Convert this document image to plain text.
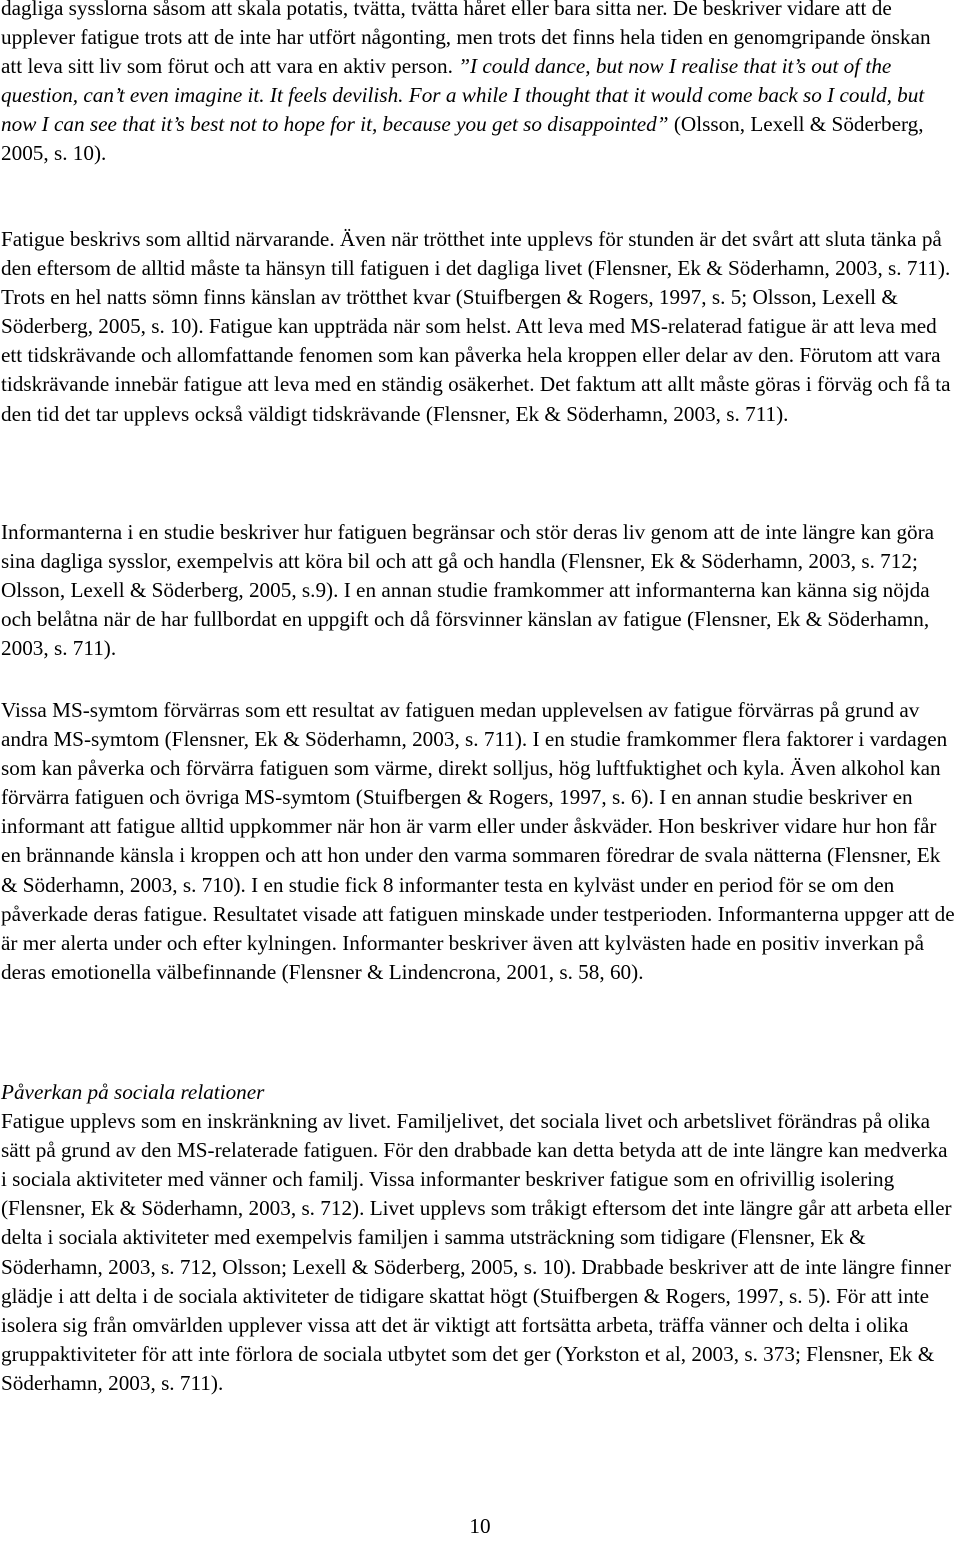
dagliga sysslorna såsom att skala potatis, tvätta, tvätta håret eller bara sitta ner. De beskriver vidare att de upplever fatigue trots att de inte har utfört någonting, men trots det finns hela tiden en genomgripande önskan att leva sitt liv som förut och att vara en aktiv person. ”I could dance, but now I realise that it’s out of the question, can’t even imagine it. It feels devilish. For a while I thought that it would come back so I could, but now I can see that it’s best not to hope for it, because you get so disappointed” (Olsson, Lexell & Söderberg, 2005, s. 10).

Fatigue beskrivs som alltid närvarande. Även när trötthet inte upplevs för stunden är det svårt att sluta tänka på den eftersom de alltid måste ta hänsyn till fatiguen i det dagliga livet (Flensner, Ek & Söderhamn, 2003, s. 711). Trots en hel natts sömn finns känslan av trötthet kvar (Stuifbergen & Rogers, 1997, s. 5; Olsson, Lexell & Söderberg, 2005, s. 10). Fatigue kan uppträda när som helst. Att leva med MS-relaterad fatigue är att leva med ett tidskrävande och allomfattande fenomen som kan påverka hela kroppen eller delar av den. Förutom att vara tidskrävande innebär fatigue att leva med en ständig osäkerhet. Det faktum att allt måste göras i förväg och få ta den tid det tar upplevs också väldigt tidskrävande (Flensner, Ek & Söderhamn, 2003, s. 711).

Informanterna i en studie beskriver hur fatiguen begränsar och stör deras liv genom att de inte längre kan göra sina dagliga sysslor, exempelvis att köra bil och att gå och handla (Flensner, Ek & Söderhamn, 2003, s. 712; Olsson, Lexell & Söderberg, 2005, s.9). I en annan studie framkommer att informanterna kan känna sig nöjda och belåtna när de har fullbordat en uppgift och då försvinner känslan av fatigue (Flensner, Ek & Söderhamn, 2003, s. 711).

Vissa MS-symtom förvärras som ett resultat av fatiguen medan upplevelsen av fatigue förvärras på grund av andra MS-symtom (Flensner, Ek & Söderhamn, 2003, s. 711). I en studie framkommer flera faktorer i vardagen som kan påverka och förvärra fatiguen som värme, direkt solljus, hög luftfuktighet och kyla. Även alkohol kan förvärra fatiguen och övriga MS-symtom (Stuifbergen & Rogers, 1997, s. 6). I en annan studie beskriver en informant att fatigue alltid uppkommer när hon är varm eller under åskväder. Hon beskriver vidare hur hon får en brännande känsla i kroppen och att hon under den varma sommaren föredrar de svala nätterna (Flensner, Ek & Söderhamn, 2003, s. 710). I en studie fick 8 informanter testa en kylväst under en period för se om den påverkade deras fatigue. Resultatet visade att fatiguen minskade under testperioden. Informanterna uppger att de är mer alerta under och efter kylningen. Informanter beskriver även att kylvästen hade en positiv inverkan på deras emotionella välbefinnande (Flensner & Lindencrona, 2001, s. 58, 60).

Påverkan på sociala relationer

Fatigue upplevs som en inskränkning av livet. Familjelivet, det sociala livet och arbetslivet förändras på olika sätt på grund av den MS-relaterade fatiguen. För den drabbade kan detta betyda att de inte längre kan medverka i sociala aktiviteter med vänner och familj. Vissa informanter beskriver fatigue som en ofrivillig isolering (Flensner, Ek & Söderhamn, 2003, s. 712). Livet upplevs som tråkigt eftersom det inte längre går att arbeta eller delta i sociala aktiviteter med exempelvis familjen i samma utsträckning som tidigare (Flensner, Ek & Söderhamn, 2003, s. 712, Olsson; Lexell & Söderberg, 2005, s. 10). Drabbade beskriver att de inte längre finner glädje i att delta i de sociala aktiviteter de tidigare skattat högt (Stuifbergen & Rogers, 1997, s. 5). För att inte isolera sig från omvärlden upplever vissa att det är viktigt att fortsätta arbeta, träffa vänner och delta i olika gruppaktiviteter för att inte förlora de sociala utbytet som det ger (Yorkston et al, 2003, s. 373; Flensner, Ek & Söderhamn, 2003, s. 711).

10
